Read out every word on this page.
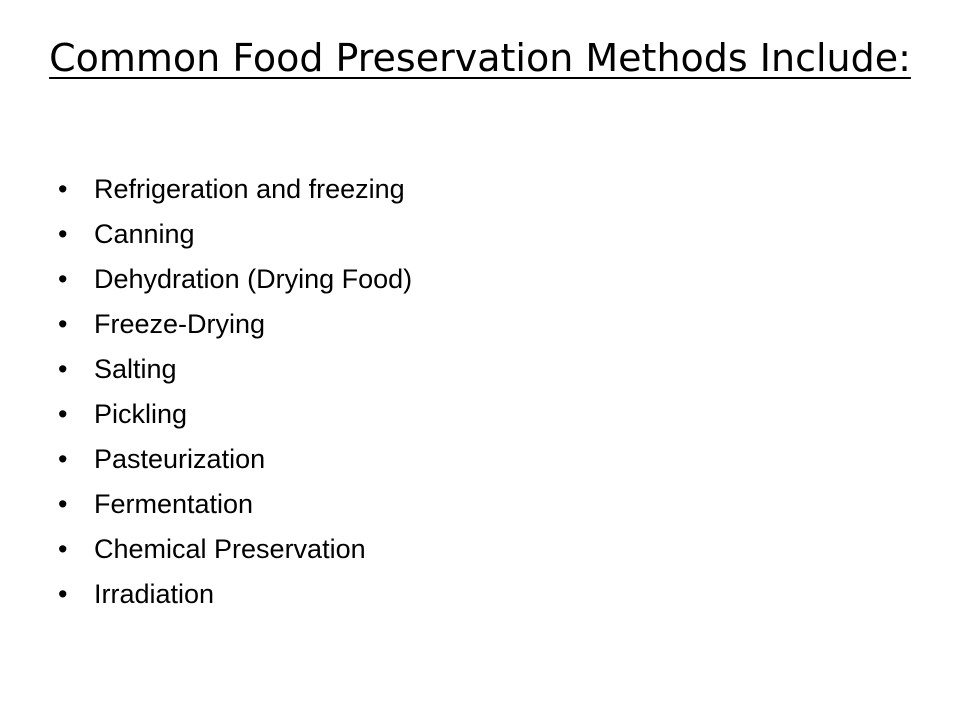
Common Food Preservation Methods Include:
• Refrigeration and freezing
• Canning
• Dehydration (Drying Food)
• Freeze-Drying
• Salting
• Pickling
• Pasteurization
• Fermentation
• Chemical Preservation
• Irradiation
